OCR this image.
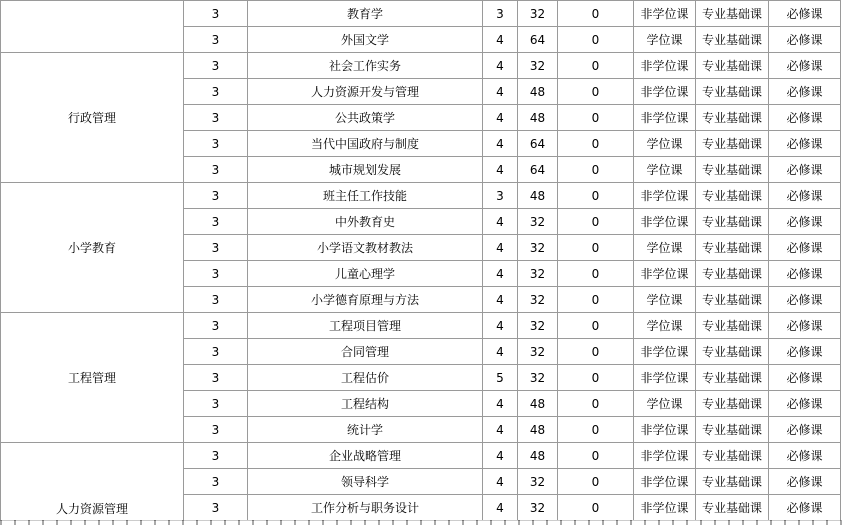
	3	教育学	3	32	0	非学位课	专业基础课	必修课
	3	外国文学	4	64	0	学位课	专业基础课	必修课
行政管理	3	社会工作实务	4	32	0	非学位课	专业基础课	必修课
	3	人力资源开发与管理	4	48	0	非学位课	专业基础课	必修课
	3	公共政策学	4	48	0	非学位课	专业基础课	必修课
	3	当代中国政府与制度	4	64	0	学位课	专业基础课	必修课
	3	城市规划发展	4	64	0	学位课	专业基础课	必修课
小学教育	3	班主任工作技能	3	48	0	非学位课	专业基础课	必修课
	3	中外教育史	4	32	0	非学位课	专业基础课	必修课
	3	小学语文教材教法	4	32	0	学位课	专业基础课	必修课
	3	儿童心理学	4	32	0	非学位课	专业基础课	必修课
	3	小学德育原理与方法	4	32	0	学位课	专业基础课	必修课
工程管理	3	工程项目管理	4	32	0	学位课	专业基础课	必修课
	3	合同管理	4	32	0	非学位课	专业基础课	必修课
	3	工程估价	5	32	0	非学位课	专业基础课	必修课
	3	工程结构	4	48	0	学位课	专业基础课	必修课
	3	统计学	4	48	0	非学位课	专业基础课	必修课
人力资源管理	3	企业战略管理	4	48	0	非学位课	专业基础课	必修课
	3	领导科学	4	32	0	非学位课	专业基础课	必修课
	3	工作分析与职务设计	4	32	0	非学位课	专业基础课	必修课
